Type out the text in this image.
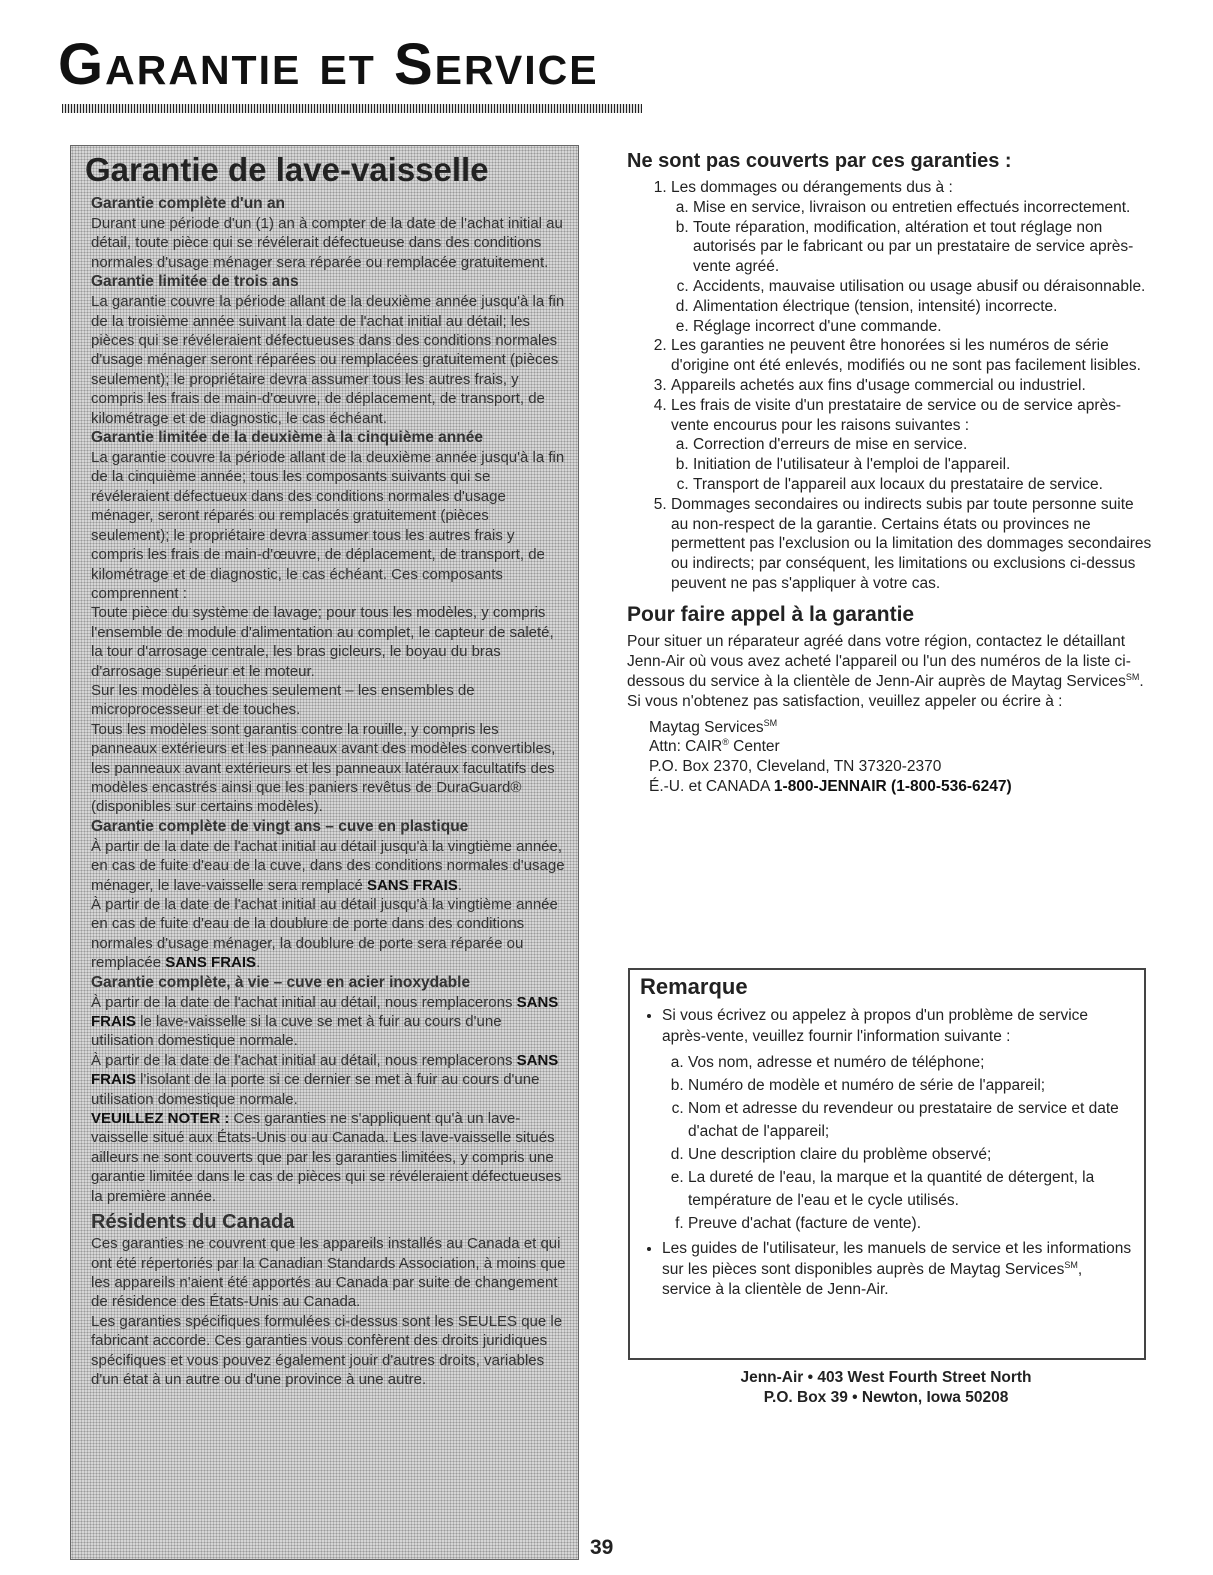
Garantie et Service
Garantie de lave-vaisselle
Garantie complète d'un an

Durant une période d'un (1) an à compter de la date de l'achat initial au détail, toute pièce qui se révélerait défectueuse dans des conditions normales d'usage ménager sera réparée ou remplacée gratuitement.

Garantie limitée de trois ans

La garantie couvre la période allant de la deuxième année jusqu'à la fin de la troisième année suivant la date de l'achat initial au détail; les pièces qui se révéleraient défectueuses dans des conditions normales d'usage ménager seront réparées ou remplacées gratuitement (pièces seulement); le propriétaire devra assumer tous les autres frais, y compris les frais de main-d'œuvre, de déplacement, de transport, de kilométrage et de diagnostic, le cas échéant.

Garantie limitée de la deuxième à la cinquième année

La garantie couvre la période allant de la deuxième année jusqu'à la fin de la cinquième année; tous les composants suivants qui se révéleraient défectueux dans des conditions normales d'usage ménager, seront réparés ou remplacés gratuitement (pièces seulement); le propriétaire devra assumer tous les autres frais y compris les frais de main-d'œuvre, de déplacement, de transport, de kilométrage et de diagnostic, le cas échéant. Ces composants comprennent :

Toute pièce du système de lavage; pour tous les modèles, y compris l'ensemble de module d'alimentation au complet, le capteur de saleté, la tour d'arrosage centrale, les bras gicleurs, le boyau du bras d'arrosage supérieur et le moteur.

Sur les modèles à touches seulement – les ensembles de microprocesseur et de touches.

Tous les modèles sont garantis contre la rouille, y compris les panneaux extérieurs et les panneaux avant des modèles convertibles, les panneaux avant extérieurs et les panneaux latéraux facultatifs des modèles encastrés ainsi que les paniers revêtus de DuraGuard® (disponibles sur certains modèles).

Garantie complète de vingt ans – cuve en plastique

À partir de la date de l'achat initial au détail jusqu'à la vingtième année, en cas de fuite d'eau de la cuve, dans des conditions normales d'usage ménager, le lave-vaisselle sera remplacé SANS FRAIS.

À partir de la date de l'achat initial au détail jusqu'à la vingtième année en cas de fuite d'eau de la doublure de porte dans des conditions normales d'usage ménager, la doublure de porte sera réparée ou remplacée SANS FRAIS.

Garantie complète, à vie – cuve en acier inoxydable

À partir de la date de l'achat initial au détail, nous remplacerons SANS FRAIS le lave-vaisselle si la cuve se met à fuir au cours d'une utilisation domestique normale.

À partir de la date de l'achat initial au détail, nous remplacerons SANS FRAIS l'isolant de la porte si ce dernier se met à fuir au cours d'une utilisation domestique normale.

VEUILLEZ NOTER : Ces garanties ne s'appliquent qu'à un lave-vaisselle situé aux États-Unis ou au Canada. Les lave-vaisselle situés ailleurs ne sont couverts que par les garanties limitées, y compris une garantie limitée dans le cas de pièces qui se révéleraient défectueuses la première année.

Résidents du Canada

Ces garanties ne couvrent que les appareils installés au Canada et qui ont été répertoriés par la Canadian Standards Association, à moins que les appareils n'aient été apportés au Canada par suite de changement de résidence des États-Unis au Canada.

Les garanties spécifiques formulées ci-dessus sont les SEULES que le fabricant accorde. Ces garanties vous confèrent des droits juridiques spécifiques et vous pouvez également jouir d'autres droits, variables d'un état à un autre ou d'une province à une autre.

Ne sont pas couverts par ces garanties :
1. Les dommages ou dérangements dus à :
a. Mise en service, livraison ou entretien effectués incorrectement.
b. Toute réparation, modification, altération et tout réglage non autorisés par le fabricant ou par un prestataire de service après-vente agréé.
c. Accidents, mauvaise utilisation ou usage abusif ou déraisonnable.
d. Alimentation électrique (tension, intensité) incorrecte.
e. Réglage incorrect d'une commande.
2. Les garanties ne peuvent être honorées si les numéros de série d'origine ont été enlevés, modifiés ou ne sont pas facilement lisibles.
3. Appareils achetés aux fins d'usage commercial ou industriel.
4. Les frais de visite d'un prestataire de service ou de service après-vente encourus pour les raisons suivantes :
a. Correction d'erreurs de mise en service.
b. Initiation de l'utilisateur à l'emploi de l'appareil.
c. Transport de l'appareil aux locaux du prestataire de service.
5. Dommages secondaires ou indirects subis par toute personne suite au non-respect de la garantie. Certains états ou provinces ne permettent pas l'exclusion ou la limitation des dommages secondaires ou indirects; par conséquent, les limitations ou exclusions ci-dessus peuvent ne pas s'appliquer à votre cas.
Pour faire appel à la garantie

Pour situer un réparateur agréé dans votre région, contactez le détaillant Jenn-Air où vous avez acheté l'appareil ou l'un des numéros de la liste ci-dessous du service à la clientèle de Jenn-Air auprès de Maytag Services℠. Si vous n'obtenez pas satisfaction, veuillez appeler ou écrire à :

Maytag Services℠
Attn: CAIR® Center
P.O. Box 2370, Cleveland, TN 37320-2370
É.-U. et CANADA 1-800-JENNAIR (1-800-536-6247)
Remarque
• Si vous écrivez ou appelez à propos d'un problème de service après-vente, veuillez fournir l'information suivante :
a. Vos nom, adresse et numéro de téléphone;
b. Numéro de modèle et numéro de série de l'appareil;
c. Nom et adresse du revendeur ou prestataire de service et date d'achat de l'appareil;
d. Une description claire du problème observé;
e. La dureté de l'eau, la marque et la quantité de détergent, la température de l'eau et le cycle utilisés.
f. Preuve d'achat (facture de vente).
• Les guides de l'utilisateur, les manuels de service et les informations sur les pièces sont disponibles auprès de Maytag Services℠, service à la clientèle de Jenn-Air.
Jenn-Air • 403 West Fourth Street North
P.O. Box 39 • Newton, Iowa 50208
39
